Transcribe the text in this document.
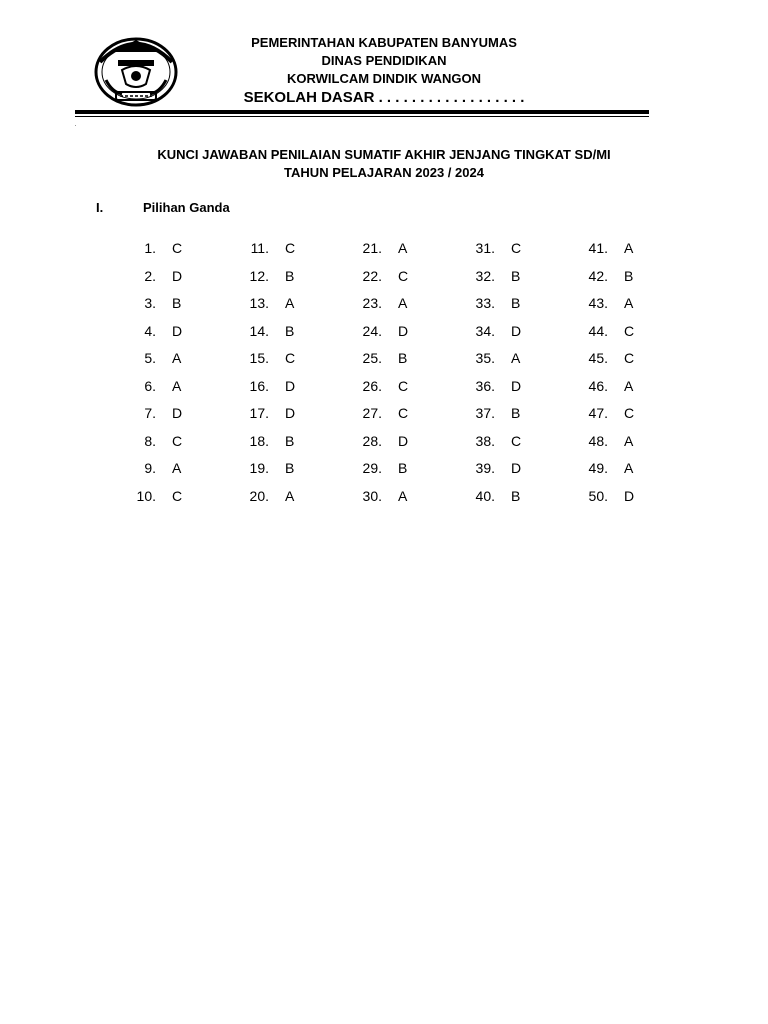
PEMERINTAHAN KABUPATEN BANYUMAS
DINAS PENDIDIKAN
KORWILCAM DINDIK WANGON
SEKOLAH DASAR . . . . . . . . . . . . . . . . . .
KUNCI JAWABAN PENILAIAN SUMATIF AKHIR JENJANG TINGKAT SD/MI
TAHUN PELAJARAN 2023 / 2024
I.	Pilihan Ganda
1. C
2. D
3. B
4. D
5. A
6. A
7. D
8. C
9. A
10. C
11. C
12. B
13. A
14. B
15. C
16. D
17. D
18. B
19. B
20. A
21. A
22. C
23. A
24. D
25. B
26. C
27. C
28. D
29. B
30. A
31. C
32. B
33. B
34. D
35. A
36. D
37. B
38. C
39. D
40. B
41. A
42. B
43. A
44. C
45. C
46. A
47. C
48. A
49. A
50. D
